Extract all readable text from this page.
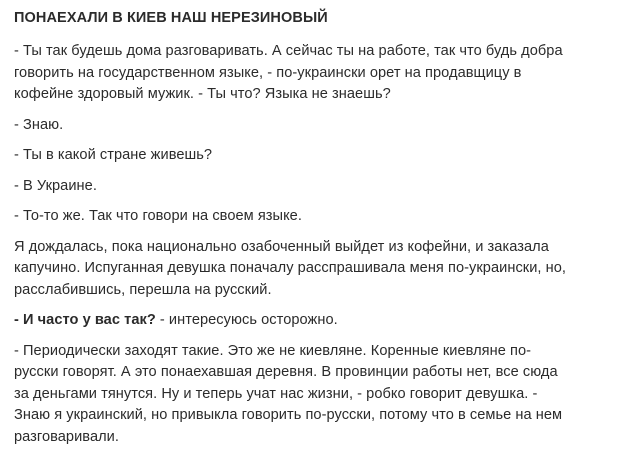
ПОНАЕХАЛИ В КИЕВ НАШ НЕРЕЗИНОВЫЙ
- Ты так будешь дома разговаривать. А сейчас ты на работе, так что будь добра
говорить на государственном языке, - по-украински орет на продавщицу в
кофейне здоровый мужик. - Ты что? Языка не знаешь?
- Знаю.
- Ты в какой стране живешь?
- В Украине.
- То-то же. Так что говори на своем языке.
Я дождалась, пока национально озабоченный выйдет из кофейни, и заказала
капучино. Испуганная девушка поначалу расспрашивала меня по-украински, но,
расслабившись, перешла на русский.
- И часто у вас так? - интересуюсь осторожно.
- Периодически заходят такие. Это же не киевляне. Коренные киевляне по-
русски говорят. А это понаехавшая деревня. В провинции работы нет, все сюда
за деньгами тянутся. Ну и теперь учат нас жизни, - робко говорит девушка. -
Знаю я украинский, но привыкла говорить по-русски, потому что в семье на нем
разговаривали.
